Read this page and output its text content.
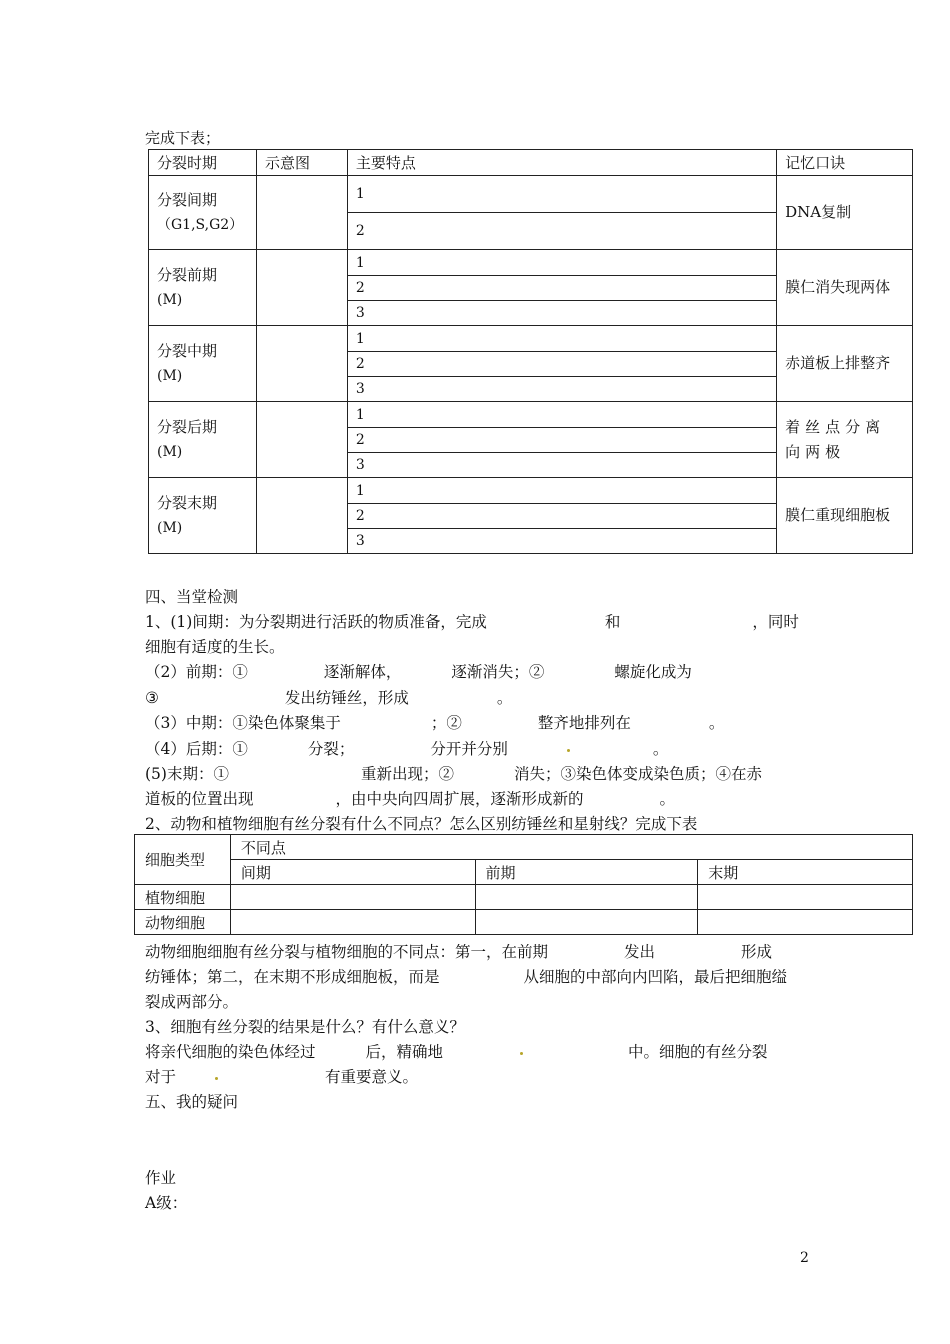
完成下表；
分裂时期	示意图	主要特点	记忆口诀

分裂间期
（G1,S,G2）		1	DNA复制
		2	

分裂前期
(M)		1	膜仁消失现两体
		2	
		3	

分裂中期
(M)		1	赤道板上排整齐
		2	
		3	

分裂后期
(M)		1	着丝点分离向两极
		2	
		3	

分裂末期
(M)		1	膜仁重现细胞板
		2	
		3	
四、当堂检测
1、(1)间期：为分裂期进行活跃的物质准备，完成	和	，同时
细胞有适度的生长。
（2）前期：①	逐渐解体，	逐渐消失；②	螺旋化成为
③	发出纺锤丝，形成	。
（3）中期：①染色体聚集于	；②	整齐地排列在	。
（4）后期：①	分裂；	分开并分别	。
(5)末期：①	重新出现；②	消失；③染色体变成染色质；④在赤
道板的位置出现	，由中央向四周扩展，逐渐形成新的	。
2、动物和植物细胞有丝分裂有什么不同点？怎么区别纺锤丝和星射线？完成下表
细胞类型	不同点		
	间期	前期	末期
植物细胞			
动物细胞			
动物细胞细胞有丝分裂与植物细胞的不同点：第一，在前期	发出	形成
纺锤体；第二，在末期不形成细胞板，而是	从细胞的中部向内凹陷，最后把细胞缢
裂成两部分。
3、细胞有丝分裂的结果是什么？有什么意义？
将亲代细胞的染色体经过	后，精确地	中。细胞的有丝分裂
对于	有重要意义。
五、我的疑问
作业
A级：
2
